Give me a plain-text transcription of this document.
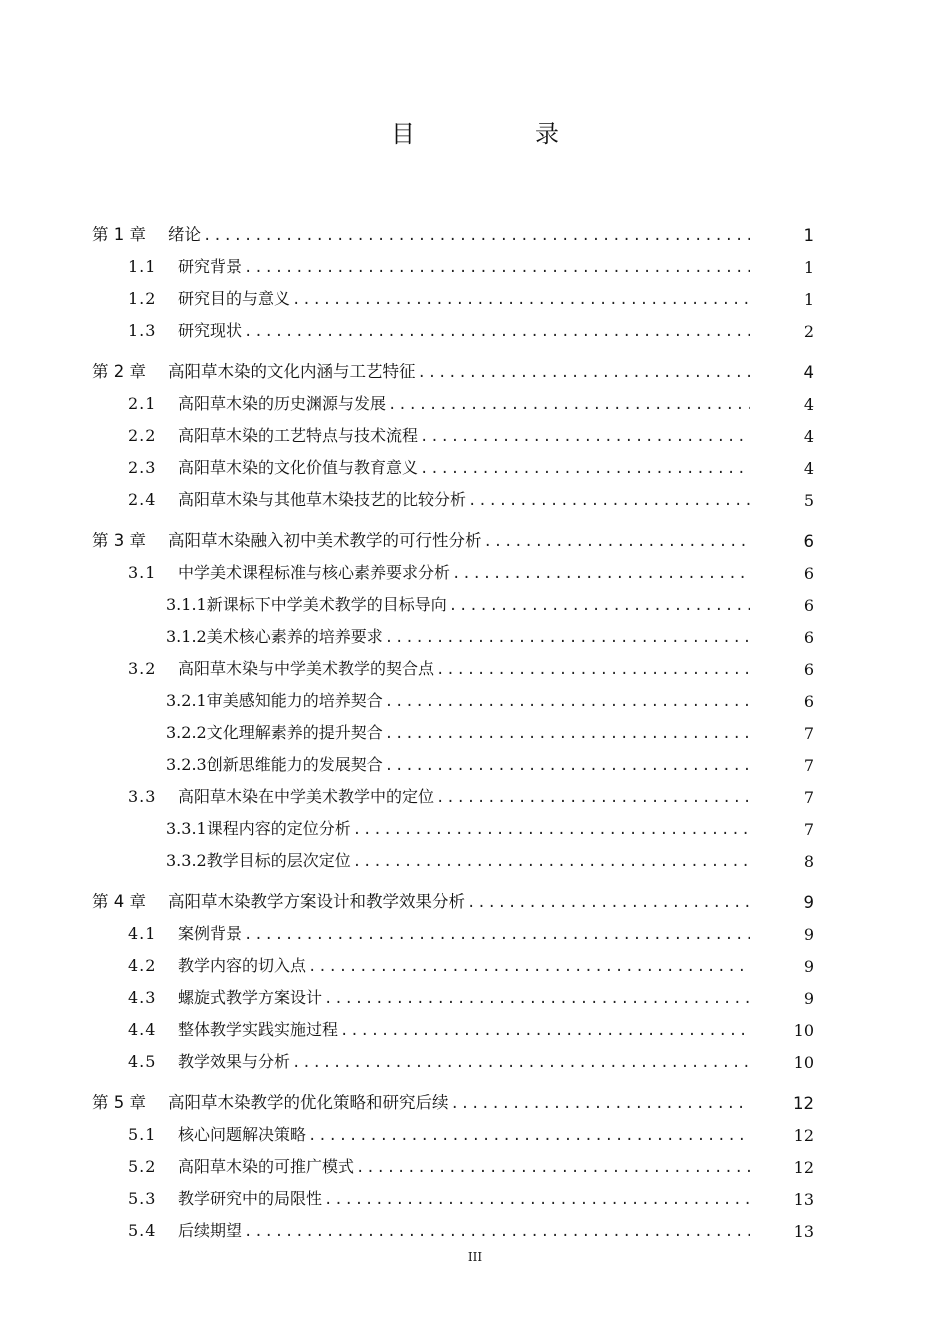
目　录
第 1 章 绪论 .....	1
1.1 研究背景 .....	1
1.2 研究目的与意义 .....	1
1.3 研究现状 .....	2
第 2 章 高阳草木染的文化内涵与工艺特征 .....	4
2.1 高阳草木染的历史渊源与发展 .....	4
2.2 高阳草木染的工艺特点与技术流程 .....	4
2.3 高阳草木染的文化价值与教育意义 .....	4
2.4 高阳草木染与其他草木染技艺的比较分析 .....	5
第 3 章 高阳草木染融入初中美术教学的可行性分析 .....	6
3.1 中学美术课程标准与核心素养要求分析 .....	6
3.1.1新课标下中学美术教学的目标导向 .....	6
3.1.2美术核心素养的培养要求 .....	6
3.2 高阳草木染与中学美术教学的契合点 .....	6
3.2.1审美感知能力的培养契合 .....	6
3.2.2文化理解素养的提升契合 .....	7
3.2.3创新思维能力的发展契合 .....	7
3.3 高阳草木染在中学美术教学中的定位 .....	7
3.3.1课程内容的定位分析 .....	7
3.3.2教学目标的层次定位 .....	8
第 4 章 高阳草木染教学方案设计和教学效果分析 .....	9
4.1 案例背景 .....	9
4.2 教学内容的切入点 .....	9
4.3 螺旋式教学方案设计 .....	9
4.4 整体教学实践实施过程 .....	10
4.5 教学效果与分析 .....	10
第 5 章 高阳草木染教学的优化策略和研究后续 .....	12
5.1 核心问题解决策略 .....	12
5.2 高阳草木染的可推广模式 .....	12
5.3 教学研究中的局限性 .....	13
5.4 后续期望 .....	13
III
